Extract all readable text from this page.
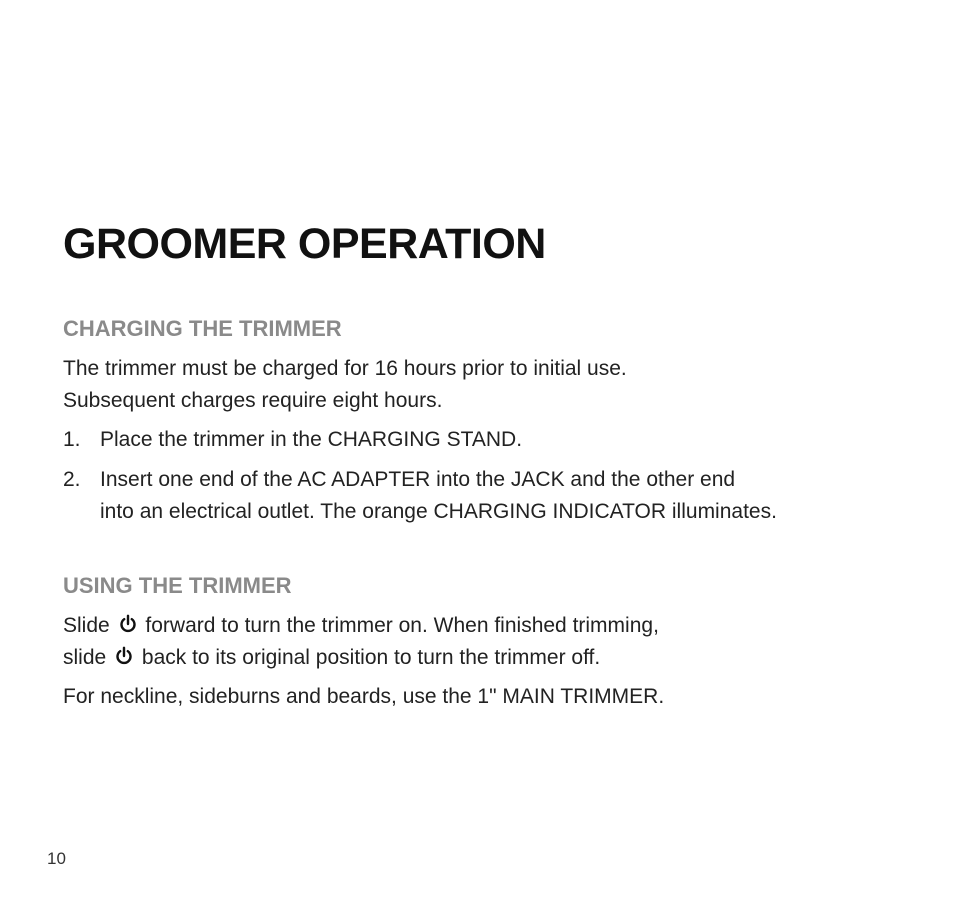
GROOMER OPERATION
CHARGING THE TRIMMER

The trimmer must be charged for 16 hours prior to initial use.

Subsequent charges require eight hours.

1. Place the trimmer in the CHARGING STAND.
2. Insert one end of the AC ADAPTER into the JACK and the other end
into an electrical outlet. The orange CHARGING INDICATOR illuminates.
USING THE TRIMMER

Slide forward to turn the trimmer on. When finished trimming,

slide back to its original position to turn the trimmer off.

For neckline, sideburns and beards, use the 1" MAIN TRIMMER.

10
